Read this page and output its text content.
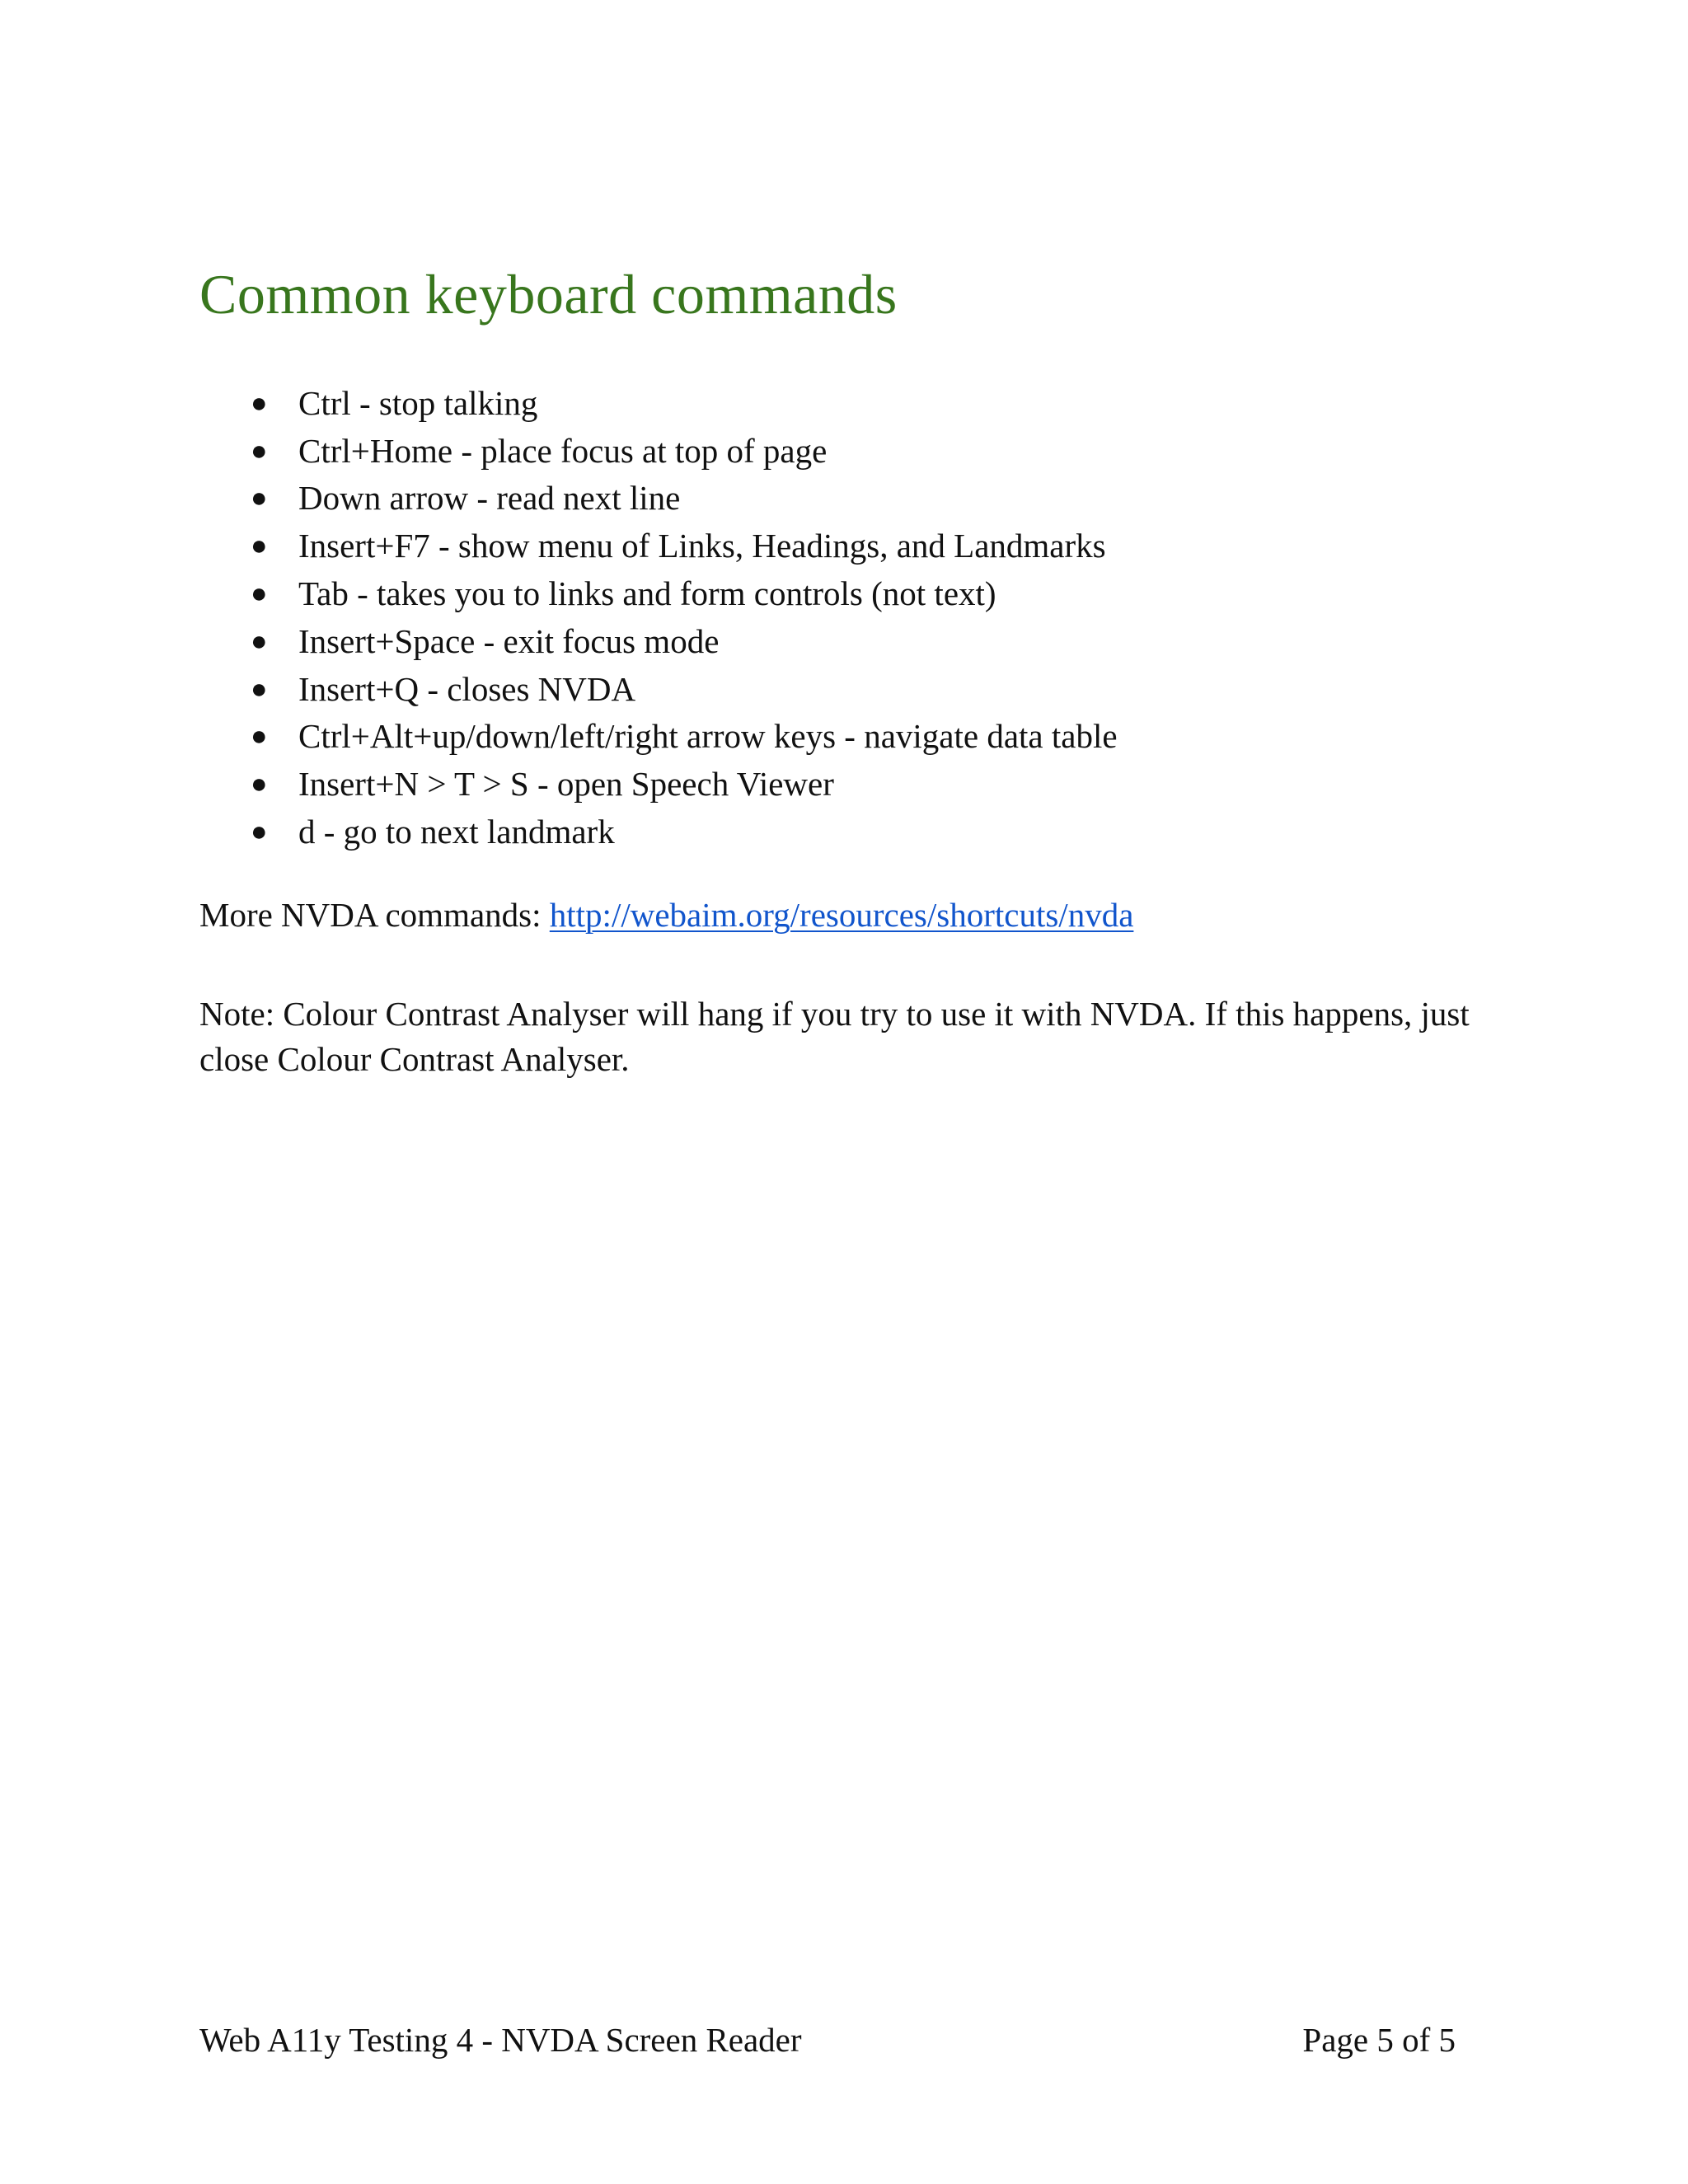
Common keyboard commands
● Ctrl - stop talking
● Ctrl+Home - place focus at top of page
● Down arrow - read next line
● Insert+F7 - show menu of Links, Headings, and Landmarks
● Tab - takes you to links and form controls (not text)
● Insert+Space - exit focus mode
● Insert+Q - closes NVDA
● Ctrl+Alt+up/down/left/right arrow keys - navigate data table
● Insert+N > T > S - open Speech Viewer
● d - go to next landmark

More NVDA commands: http://webaim.org/resources/shortcuts/nvda

Note: Colour Contrast Analyser will hang if you try to use it with NVDA. If this happens, just close Colour Contrast Analyser.

Web A11y Testing 4 - NVDA Screen Reader	Page 5 of 5
